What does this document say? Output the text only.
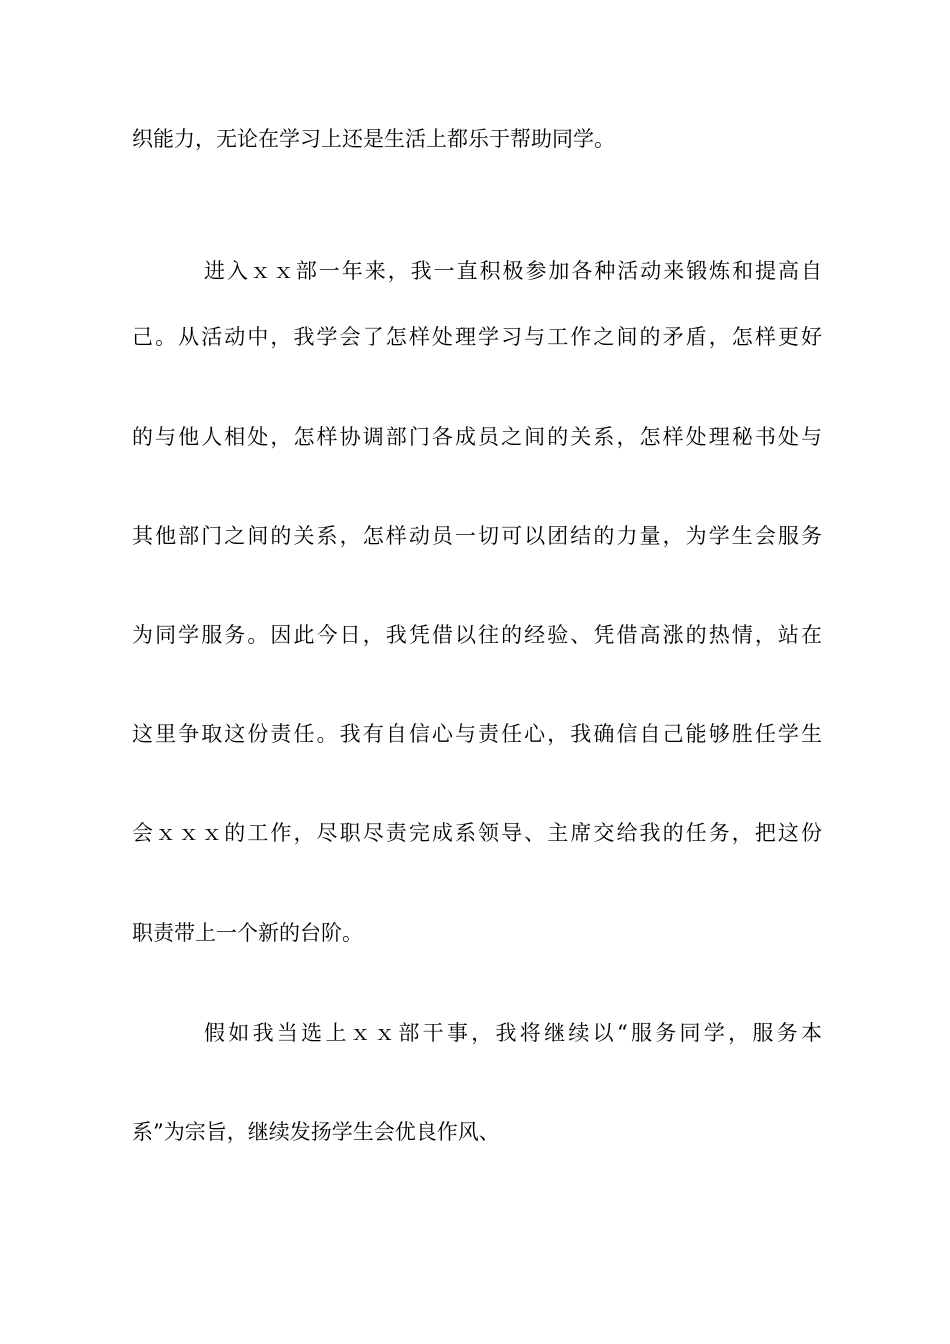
织能力，无论在学习上还是生活上都乐于帮助同学。
进入ｘｘ部一年来，我一直积极参加各种活动来锻炼和提高自
己。从活动中，我学会了怎样处理学习与工作之间的矛盾，怎样更好
的与他人相处，怎样协调部门各成员之间的关系，怎样处理秘书处与
其他部门之间的关系，怎样动员一切可以团结的力量，为学生会服务
为同学服务。因此今日，我凭借以往的经验、凭借高涨的热情，站在
这里争取这份责任。我有自信心与责任心，我确信自己能够胜任学生
会ｘｘｘ的工作，尽职尽责完成系领导、主席交给我的任务，把这份
职责带上一个新的台阶。
假如我当选上ｘｘ部干事，我将继续以“服务同学，服务本
系”为宗旨，继续发扬学生会优良作风、
